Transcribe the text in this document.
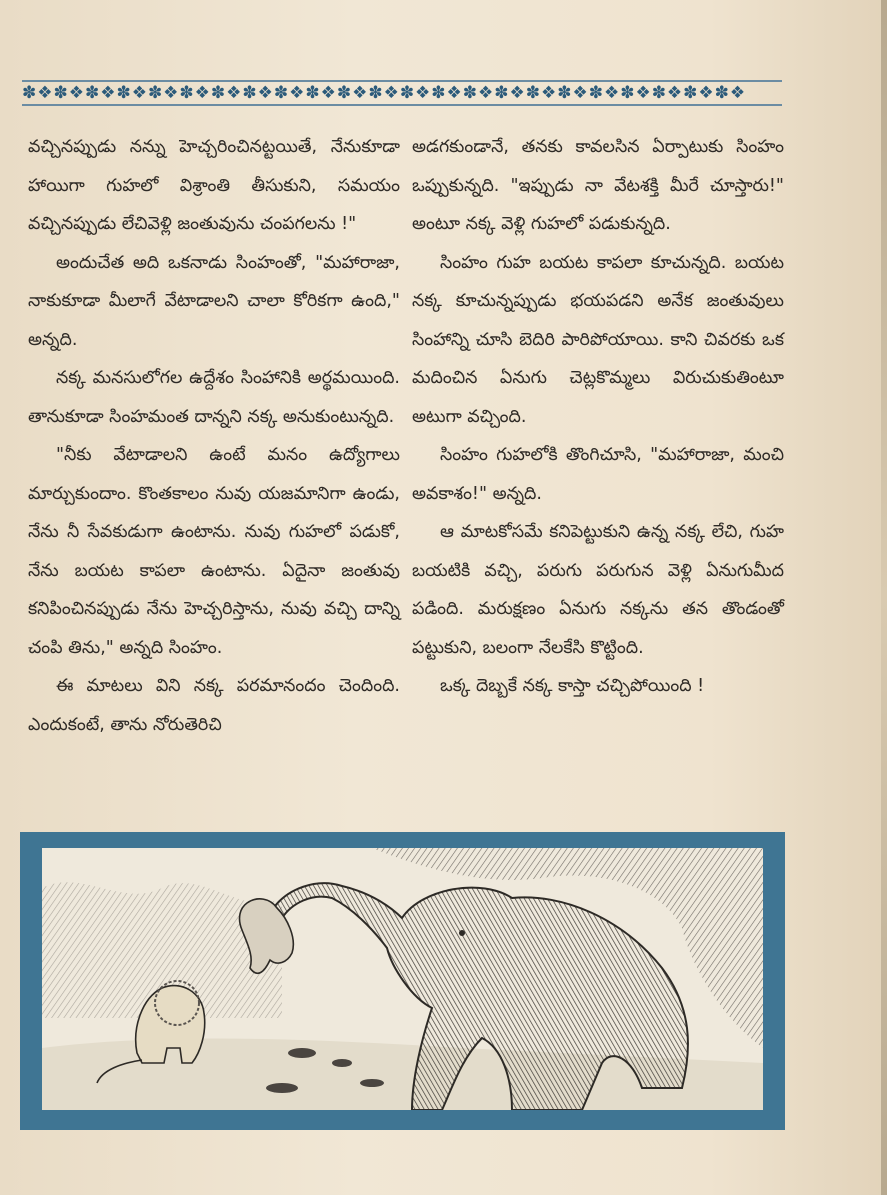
✽❖✽❖✽❖✽❖✽❖✽❖✽❖✽❖✽❖✽❖✽❖✽❖✽❖✽❖✽❖✽❖✽❖✽❖✽❖✽❖✽❖✽❖✽❖

వచ్చినప్పుడు నన్ను హెచ్చరించినట్టయితే, నేనుకూడా హాయిగా గుహలో విశ్రాంతి తీసుకుని, సమయం వచ్చినప్పుడు లేచివెళ్లి జంతువును చంపగలను !"

అందుచేత అది ఒకనాడు సింహంతో, "మహారాజా, నాకుకూడా మీలాగే వేటాడాలని చాలా కోరికగా ఉంది," అన్నది.

నక్క మనసులోగల ఉద్దేశం సింహానికి అర్థమయింది. తానుకూడా సింహమంత దాన్నని నక్క అనుకుంటున్నది.

"నీకు వేటాడాలని ఉంటే మనం ఉద్యోగాలు మార్చుకుందాం. కొంతకాలం నువు యజమానిగా ఉండు, నేను నీ సేవకుడుగా ఉంటాను. నువు గుహలో పడుకో, నేను బయట కాపలా ఉంటాను. ఏదైనా జంతువు కనిపించినప్పుడు నేను హెచ్చరిస్తాను, నువు వచ్చి దాన్ని చంపి తిను," అన్నది సింహం.

ఈ మాటలు విని నక్క పరమానందం చెందింది. ఎందుకంటే, తాను నోరుతెరిచి

అడగకుండానే, తనకు కావలసిన ఏర్పాటుకు సింహం ఒప్పుకున్నది. "ఇప్పుడు నా వేటశక్తి మీరే చూస్తారు!" అంటూ నక్క వెళ్లి గుహలో పడుకున్నది.

సింహం గుహ బయట కాపలా కూచున్నది. బయట నక్క కూచున్నప్పుడు భయపడని అనేక జంతువులు సింహాన్ని చూసి బెదిరి పారిపోయాయి. కాని చివరకు ఒక మదించిన ఏనుగు చెట్లకొమ్మలు విరుచుకుతింటూ అటుగా వచ్చింది.

సింహం గుహలోకి తొంగిచూసి, "మహారాజా, మంచి అవకాశం!" అన్నది.

ఆ మాటకోసమే కనిపెట్టుకుని ఉన్న నక్క లేచి, గుహ బయటికి వచ్చి, పరుగు పరుగున వెళ్లి ఏనుగుమీద పడింది. మరుక్షణం ఏనుగు నక్కను తన తొండంతో పట్టుకుని, బలంగా నేలకేసి కొట్టింది.

ఒక్క దెబ్బకే నక్క కాస్తా చచ్చిపోయింది !
